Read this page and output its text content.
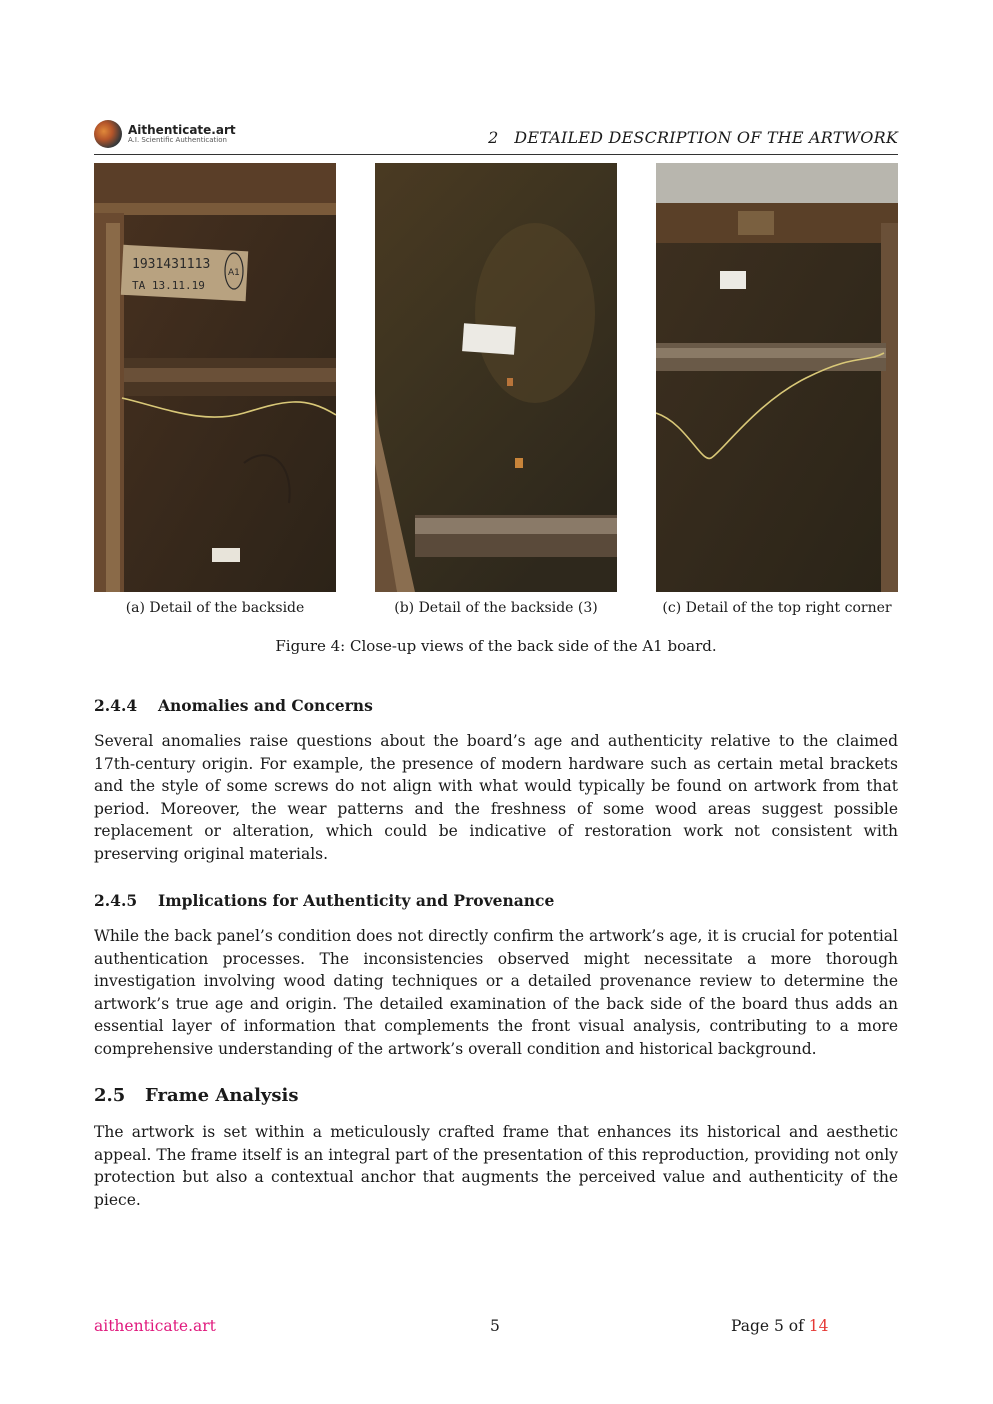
Aithenticate.art
A.I. Scientific Authentication	2   DETAILED DESCRIPTION OF THE ARTWORK
1931431113
TA 13.11.19
A1
(a) Detail of the backside	(b) Detail of the backside (3)	(c) Detail of the top right corner
Figure 4: Close-up views of the back side of the A1 board.
2.4.4 Anomalies and Concerns

Several anomalies raise questions about the board’s age and authenticity relative to the claimed 17th-century origin. For example, the presence of modern hardware such as certain metal brackets and the style of some screws do not align with what would typically be found on artwork from that period. Moreover, the wear patterns and the freshness of some wood areas suggest possible replacement or alteration, which could be indicative of restoration work not consistent with preserving original materials.

2.4.5 Implications for Authenticity and Provenance

While the back panel’s condition does not directly confirm the artwork’s age, it is crucial for potential authentication processes. The inconsistencies observed might necessitate a more thorough investigation involving wood dating techniques or a detailed provenance review to determine the artwork’s true age and origin. The detailed examination of the back side of the board thus adds an essential layer of information that complements the front visual analysis, contributing to a more comprehensive understanding of the artwork’s overall condition and historical background.

2.5 Frame Analysis

The artwork is set within a meticulously crafted frame that enhances its historical and aesthetic appeal. The frame itself is an integral part of the presentation of this reproduction, providing not only protection but also a contextual anchor that augments the perceived value and authenticity of the piece.

aithenticate.art	5	Page 5 of 14
